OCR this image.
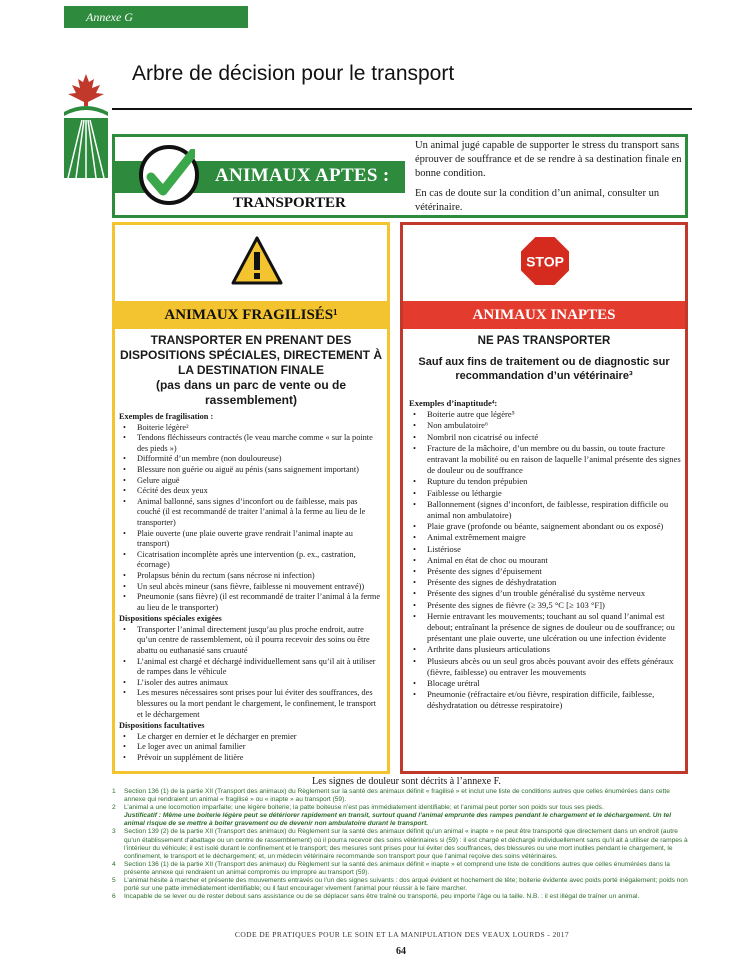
Annexe G
Arbre de décision pour le transport
ANIMAUX APTES :
TRANSPORTER

Un animal jugé capable de supporter le stress du transport sans éprouver de souffrance et de se rendre à sa destination finale en bonne condition.

En cas de doute sur la condition d’un animal, consulter un vétérinaire.

ANIMAUX FRAGILISÉS¹
TRANSPORTER EN PRENANT DES DISPOSITIONS SPÉCIALES, DIRECTEMENT À LA DESTINATION FINALE
(pas dans un parc de vente ou de rassemblement)
Exemples de fragilisation :
• Boiterie légère²
• Tendons fléchisseurs contractés (le veau marche comme « sur la pointe des pieds »)
• Difformité d’un membre (non douloureuse)
• Blessure non guérie ou aiguë au pénis (sans saignement important)
• Gelure aiguë
• Cécité des deux yeux
• Animal ballonné, sans signes d’inconfort ou de faiblesse, mais pas couché (il est recommandé de traiter l’animal à la ferme au lieu de le transporter)
• Plaie ouverte (une plaie ouverte grave rendrait l’animal inapte au transport)
• Cicatrisation incomplète après une intervention (p. ex., castration, écornage)
• Prolapsus bénin du rectum (sans nécrose ni infection)
• Un seul abcès mineur (sans fièvre, faiblesse ni mouvement entravé))
• Pneumonie (sans fièvre) (il est recommandé de traiter l’animal à la ferme au lieu de le transporter)
Dispositions spéciales exigées
• Transporter l’animal directement jusqu’au plus proche endroit, autre qu’un centre de rassemblement, où il pourra recevoir des soins ou être abattu ou euthanasié sans cruauté
• L’animal est chargé et déchargé individuellement sans qu’il ait à utiliser de rampes dans le véhicule
• L’isoler des autres animaux
• Les mesures nécessaires sont prises pour lui éviter des souffrances, des blessures ou la mort pendant le chargement, le confinement, le transport et le déchargement
Dispositions facultatives
• Le charger en dernier et le décharger en premier
• Le loger avec un animal familier
• Prévoir un supplément de litière
STOP
ANIMAUX INAPTES
NE PAS TRANSPORTER
Sauf aux fins de traitement ou de diagnostic sur recommandation d’un vétérinaire³
Exemples d’inaptitude⁴:
• Boiterie autre que légère⁵
• Non ambulatoire⁶
• Nombril non cicatrisé ou infecté
• Fracture de la mâchoire, d’un membre ou du bassin, ou toute fracture entravant la mobilité ou en raison de laquelle l’animal présente des signes de douleur ou de souffrance
• Rupture du tendon prépubien
• Faiblesse ou léthargie
• Ballonnement (signes d’inconfort, de faiblesse, respiration difficile ou animal non ambulatoire)
• Plaie grave (profonde ou béante, saignement abondant ou os exposé)
• Animal extrêmement maigre
• Listériose
• Animal en état de choc ou mourant
• Présente des signes d’épuisement
• Présente des signes de déshydratation
• Présente des signes d’un trouble généralisé du système nerveux
• Présente des signes de fièvre (≥ 39,5 °C [≥ 103 °F])
• Hernie entravant les mouvements; touchant au sol quand l’animal est debout; entraînant la présence de signes de douleur ou de souffrance; ou présentant une plaie ouverte, une ulcération ou une infection évidente
• Arthrite dans plusieurs articulations
• Plusieurs abcès ou un seul gros abcès pouvant avoir des effets généraux (fièvre, faiblesse) ou entraver les mouvements
• Blocage urétral
• Pneumonie (réfractaire et/ou fièvre, respiration difficile, faiblesse, déshydratation ou détresse respiratoire)
Les signes de douleur sont décrits à l’annexe F.
1 Section 136 (1) de la partie XII (Transport des animaux) du Règlement sur la santé des animaux définit « fragilisé » et inclut une liste de conditions autres que celles énumérées dans cette annexe qui rendraient un animal « fragilisé » ou « inapte » au transport (59).
2 L’animal a une locomotion imparfaite; une légère boiterie; la patte boiteuse n’est pas immédiatement identifiable; et l’animal peut porter son poids sur tous ses pieds.
Justificatif : Même une boiterie légère peut se détériorer rapidement en transit, surtout quand l’animal emprunte des rampes pendant le chargement et le déchargement. Un tel animal risque de se mettre à boiter gravement ou de devenir non ambulatoire durant le transport.
3 Section 139 (2) de la partie XII (Transport des animaux) du Règlement sur la santé des animaux définit qu’un animal « inapte » ne peut être transporté que directement dans un endroit (autre qu’un établissement d’abattage ou un centre de rassemblement) où il pourra recevoir des soins vétérinaires si (59) : il est chargé et déchargé individuellement sans qu’il ait à utiliser de rampes à l’intérieur du véhicule; il est isolé durant le confinement et le transport; des mesures sont prises pour lui éviter des souffrances, des blessures ou une mort inutiles pendant le chargement, le confinement, le transport et le déchargement; et, un médecin vétérinaire recommande son transport pour que l’animal reçoive des soins vétérinaires.
4 Section 136 (1) de la partie XII (Transport des animaux) du Règlement sur la santé des animaux définit « inapte » et comprend une liste de conditions autres que celles énumérées dans la présente annexe qui rendraient un animal compromis ou impropre au transport (59).
5 L’animal hésite à marcher et présente des mouvements entravés ou l’un des signes suivants : dos arqué évident et hochement de tête; boiterie évidente avec poids porté inégalement; poids non porté sur une patte immédiatement identifiable; ou il faut encourager vivement l’animal pour réussir à le faire marcher.
6 Incapable de se lever ou de rester debout sans assistance ou de se déplacer sans être traîné ou transporté, peu importe l’âge ou la taille. N.B. : il est illégal de traîner un animal.
CODE DE PRATIQUES POUR LE SOIN ET LA MANIPULATION DES VEAUX LOURDS - 2017
64
